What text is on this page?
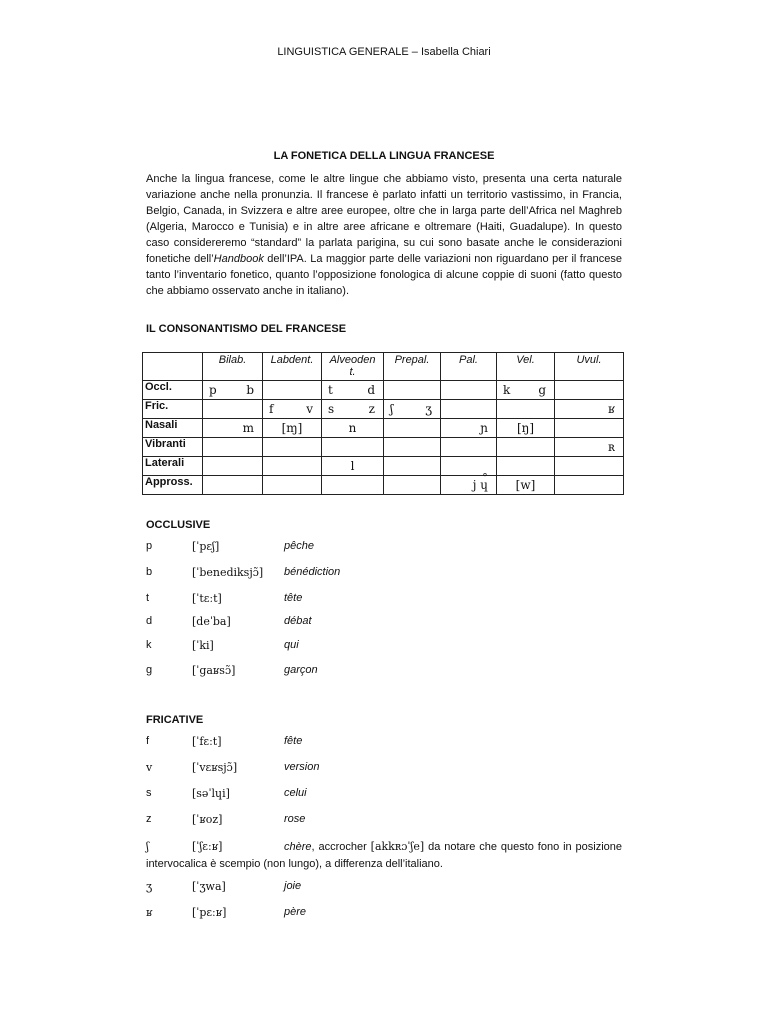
LINGUISTICA GENERALE – Isabella Chiari
LA FONETICA DELLA LINGUA FRANCESE
Anche la lingua francese, come le altre lingue che abbiamo visto, presenta una certa naturale variazione anche nella pronunzia. Il francese è parlato infatti un territorio vastissimo, in Francia, Belgio, Canada, in Svizzera e altre aree europee, oltre che in larga parte dell’Africa nel Maghreb (Algeria, Marocco e Tunisia) e in altre aree africane e oltremare (Haiti, Guadalupe). In questo caso considereremo “standard” la parlata parigina, su cui sono basate anche le considerazioni fonetiche dell’Handbook dell’IPA. La maggior parte delle variazioni non riguardano per il francese tanto l’inventario fonetico, quanto l’opposizione fonologica di alcune coppie di suoni (fatto questo che abbiamo osservato anche in italiano).
IL CONSONANTISMO DEL FRANCESE
	Bilab.	Labdent.	Alveoden t.	Prepal.	Pal.	Vel.	Uvul.
Occl.	p b		t d			k g	

Fric.		f v	s z	ʃ ʒ			ʁ

Nasali	m	[ɱ]	n		ɲ	[ŋ]	

Vibranti							ʀ

Laterali			l		˳		

Appross.					j ɥ	[w]	

OCCLUSIVE
p	[ˈpɛʃ]	pêche
b	[ˈbenediksjɔ̃] bénédiction
t	[ˈtɛːt]	tête
d	[deˈba]	débat
k	[ˈki]	qui
g	[ˈgaʁsɔ̃]	garçon
FRICATIVE
f	[ˈfɛːt]	fête
v	[ˈvɛʁsjɔ̃]	version
s	[səˈlɥi]	celui
z	[ˈʁoz]	rose
ʃ	[ˈʃɛːʁ]	chère, accrocher [akkʀɔˈʃe] da notare che questo fono in posizione intervocalica è scempio (non lungo), a differenza dell’italiano.
ʒ	[ˈʒwa]	joie
ʁ	[ˈpɛːʁ]	père
